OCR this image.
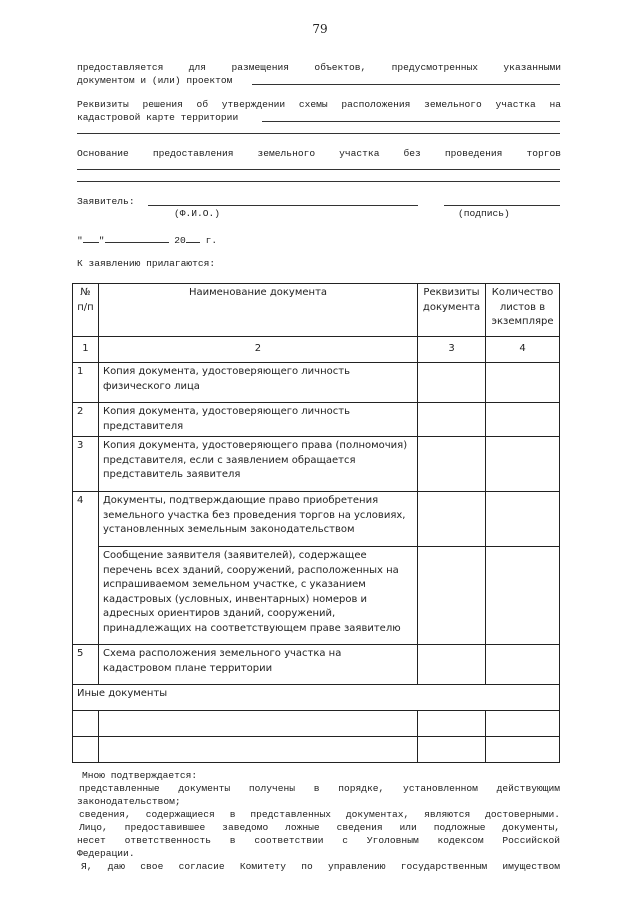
79
предоставляется для размещения объектов, предусмотренных указанными
документом и (или) проектом
Реквизиты решения об утверждении схемы расположения земельного участка на
кадастровой карте территории
Основание предоставления земельного участка без проведения торгов
Заявитель:
(Ф.И.О.)	(подпись)
" "	20 г.
К заявлению прилагаются:
№ п/п	Наименование документа	Реквизиты документа	Количество листов в экземпляре
1	2	3	4
1	Копия документа, удостоверяющего личность физического лица		
2	Копия документа, удостоверяющего личность представителя		
3	Копия документа, удостоверяющего права (полномочия) представителя, если с заявлением обращается представитель заявителя		
4	Документы, подтверждающие право приобретения земельного участка без проведения торгов на условиях, установленных земельным законодательством		
	Сообщение заявителя (заявителей), содержащее перечень всех зданий, сооружений, расположенных на испрашиваемом земельном участке, с указанием кадастровых (условных, инвентарных) номеров и адресных ориентиров зданий, сооружений, принадлежащих на соответствующем праве заявителю		
5	Схема расположения земельного участка на кадастровом плане территории		
Иные документы			

Мною подтверждается:
представленные документы получены в порядке, установленном действующим
законодательством;
сведения, содержащиеся в представленных документах, являются достоверными.
Лицо, предоставившее заведомо ложные сведения или подложные документы,
несет ответственность в соответствии с Уголовным кодексом Российской
Федерации.
Я, даю свое согласие Комитету по управлению государственным имуществом
